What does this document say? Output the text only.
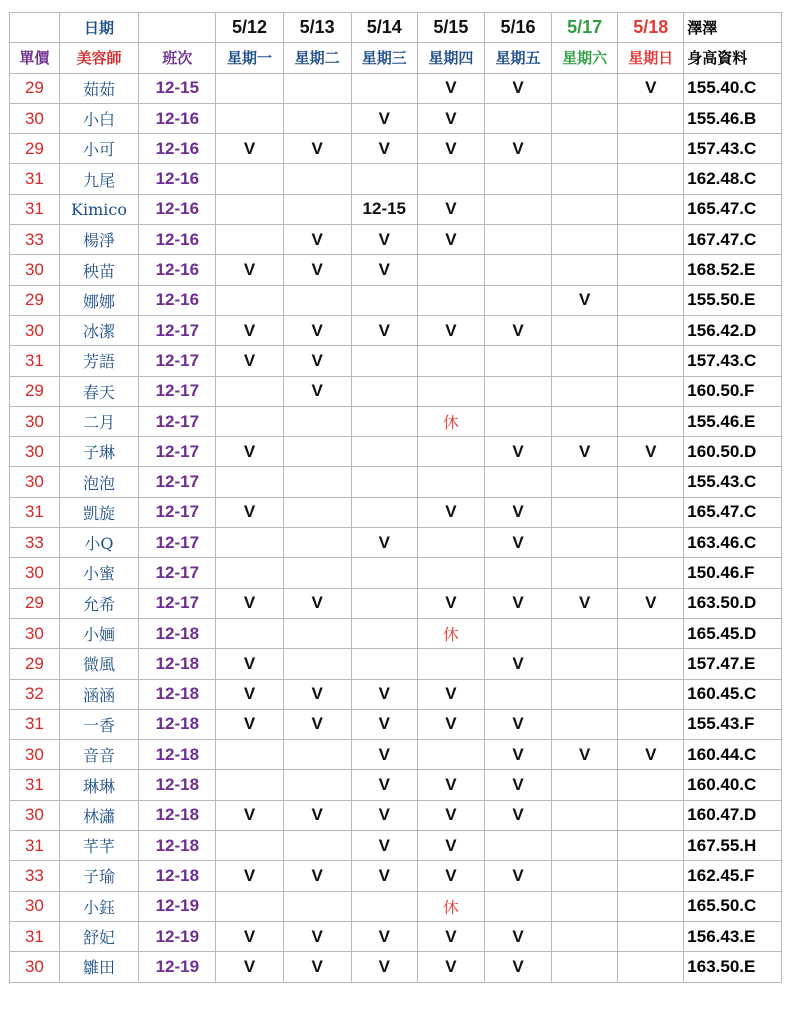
	日期		5/12	5/13	5/14	5/15	5/16	5/17	5/18	澤澤
單價	美容師	班次	星期一	星期二	星期三	星期四	星期五	星期六	星期日	身高資料
29	茹茹	12-15				V	V		V	155.40.C
30	小白	12-16			V	V				155.46.B
29	小可	12-16	V	V	V	V	V			157.43.C
31	九尾	12-16								162.48.C
31	Kimico	12-16			12-15	V				165.47.C
33	楊淨	12-16		V	V	V				167.47.C
30	秧苗	12-16	V	V	V					168.52.E
29	娜娜	12-16						V		155.50.E
30	冰潔	12-17	V	V	V	V	V			156.42.D
31	芳語	12-17	V	V						157.43.C
29	春天	12-17		V						160.50.F
30	二月	12-17				休				155.46.E
30	子琳	12-17	V				V	V	V	160.50.D
30	泡泡	12-17								155.43.C
31	凱旋	12-17	V			V	V			165.47.C
33	小Q	12-17			V		V			163.46.C
30	小蜜	12-17								150.46.F
29	允希	12-17	V	V		V	V	V	V	163.50.D
30	小婳	12-18				休				165.45.D
29	微風	12-18	V				V			157.47.E
32	涵涵	12-18	V	V	V	V				160.45.C
31	一香	12-18	V	V	V	V	V			155.43.F
30	音音	12-18			V		V	V	V	160.44.C
31	琳琳	12-18			V	V	V			160.40.C
30	林瀟	12-18	V	V	V	V	V			160.47.D
31	芊芊	12-18			V	V				167.55.H
33	子瑜	12-18	V	V	V	V	V			162.45.F
30	小鈺	12-19				休				165.50.C
31	舒妃	12-19	V	V	V	V	V			156.43.E
30	雛田	12-19	V	V	V	V	V			163.50.E
